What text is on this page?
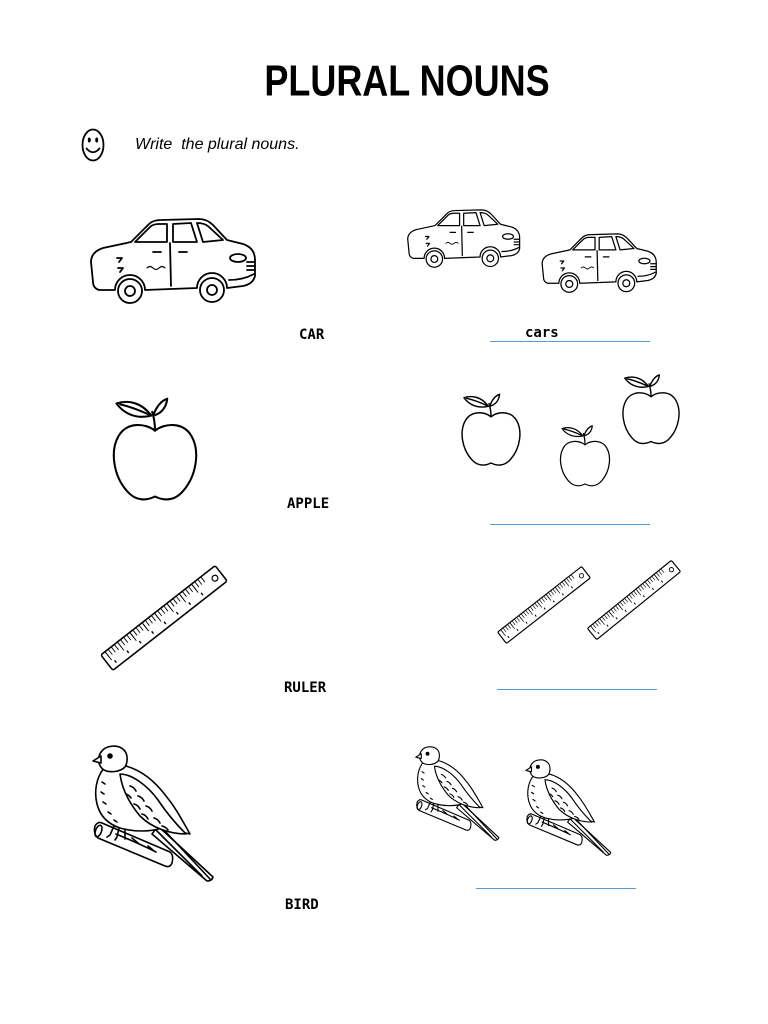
PLURAL NOUNS
Write  the plural nouns.
CAR	cars
APPLE
RULER
BIRD
